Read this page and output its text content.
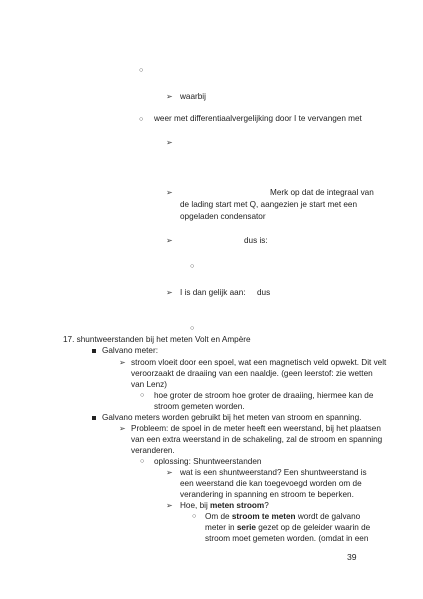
○
➢ waarbij
○ weer met differentiaalvergelijking door I te vervangen met
➢
➢	Merk op dat de integraal van
de lading start met Q, aangezien je start met een
opgeladen condensator
➢	dus is:
○
➢ I is dan gelijk aan: dus
○
17. shuntweerstanden bij het meten Volt en Ampère
Galvano meter:
➢ stroom vloeit door een spoel, wat een magnetisch veld opwekt. Dit velt
veroorzaakt de draaiing van een naaldje. (geen leerstof: zie wetten
van Lenz)
○ hoe groter de stroom hoe groter de draaiing, hiermee kan de
stroom gemeten worden.
Galvano meters worden gebruikt bij het meten van stroom en spanning.
➢ Probleem: de spoel in de meter heeft een weerstand, bij het plaatsen
van een extra weerstand in de schakeling, zal de stroom en spanning
veranderen.
○ oplossing: Shuntweerstanden
➢ wat is een shuntweerstand? Een shuntweerstand is
een weerstand die kan toegevoegd worden om de
verandering in spanning en stroom te beperken.
➢ Hoe, bij meten stroom?
○ Om de stroom te meten wordt de galvano
meter in serie gezet op de geleider waarin de
stroom moet gemeten worden. (omdat in een
39
